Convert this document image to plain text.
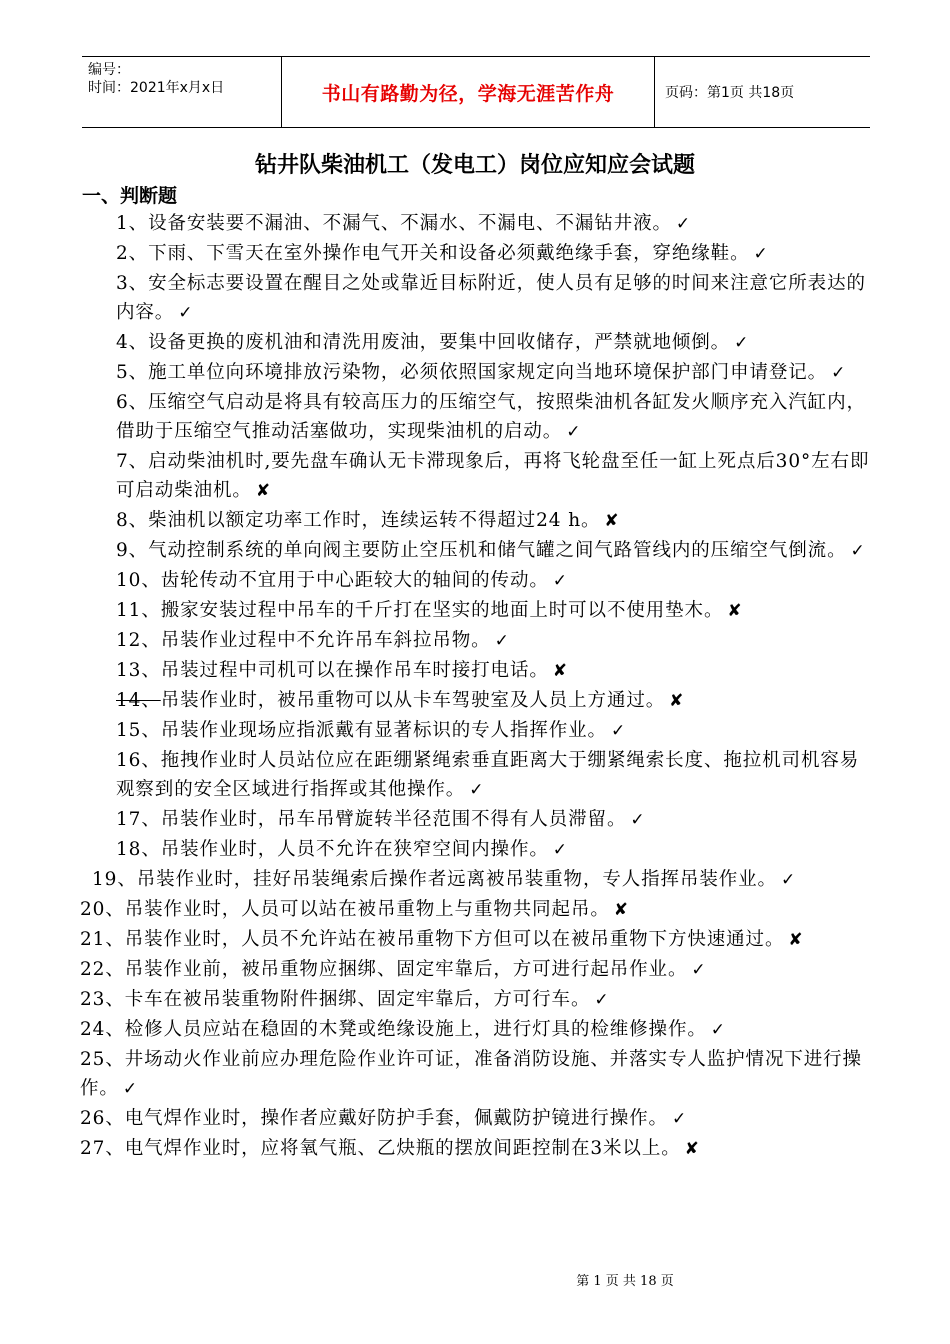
编号：
时间：2021年x月x日	书山有路勤为径，学海无涯苦作舟	页码：第1页 共18页
钻井队柴油机工（发电工）岗位应知应会试题
一、判断题
1、设备安装要不漏油、不漏气、不漏水、不漏电、不漏钻井液。 ✓
2、下雨、下雪天在室外操作电气开关和设备必须戴绝缘手套，穿绝缘鞋。 ✓
3、安全标志要设置在醒目之处或靠近目标附近，使人员有足够的时间来注意它所表达的内容。 ✓
4、设备更换的废机油和清洗用废油，要集中回收储存，严禁就地倾倒。 ✓
5、施工单位向环境排放污染物，必须依照国家规定向当地环境保护部门申请登记。 ✓
6、压缩空气启动是将具有较高压力的压缩空气，按照柴油机各缸发火顺序充入汽缸内，借助于压缩空气推动活塞做功，实现柴油机的启动。 ✓
7、启动柴油机时,要先盘车确认无卡滞现象后，再将飞轮盘至任一缸上死点后30°左右即可启动柴油机。 ✘
8、柴油机以额定功率工作时，连续运转不得超过24 h。 ✘
9、气动控制系统的单向阀主要防止空压机和储气罐之间气路管线内的压缩空气倒流。 ✓
10、齿轮传动不宜用于中心距较大的轴间的传动。 ✓
11、搬家安装过程中吊车的千斤打在坚实的地面上时可以不使用垫木。 ✘
12、吊装作业过程中不允许吊车斜拉吊物。 ✓
13、吊装过程中司机可以在操作吊车时接打电话。 ✘
14、吊装作业时，被吊重物可以从卡车驾驶室及人员上方通过。 ✘
15、吊装作业现场应指派戴有显著标识的专人指挥作业。 ✓
16、拖拽作业时人员站位应在距绷紧绳索垂直距离大于绷紧绳索长度、拖拉机司机容易观察到的安全区域进行指挥或其他操作。 ✓
17、吊装作业时，吊车吊臂旋转半径范围不得有人员滞留。 ✓
18、吊装作业时，人员不允许在狭窄空间内操作。 ✓
19、吊装作业时，挂好吊装绳索后操作者远离被吊装重物，专人指挥吊装作业。 ✓
20、吊装作业时，人员可以站在被吊重物上与重物共同起吊。 ✘
21、吊装作业时，人员不允许站在被吊重物下方但可以在被吊重物下方快速通过。 ✘
22、吊装作业前，被吊重物应捆绑、固定牢靠后，方可进行起吊作业。 ✓
23、卡车在被吊装重物附件捆绑、固定牢靠后，方可行车。 ✓
24、检修人员应站在稳固的木凳或绝缘设施上，进行灯具的检维修操作。 ✓
25、井场动火作业前应办理危险作业许可证，准备消防设施、并落实专人监护情况下进行操作。 ✓
26、电气焊作业时，操作者应戴好防护手套，佩戴防护镜进行操作。 ✓
27、电气焊作业时，应将氧气瓶、乙炔瓶的摆放间距控制在3米以上。 ✘
第 1 页 共 18 页
